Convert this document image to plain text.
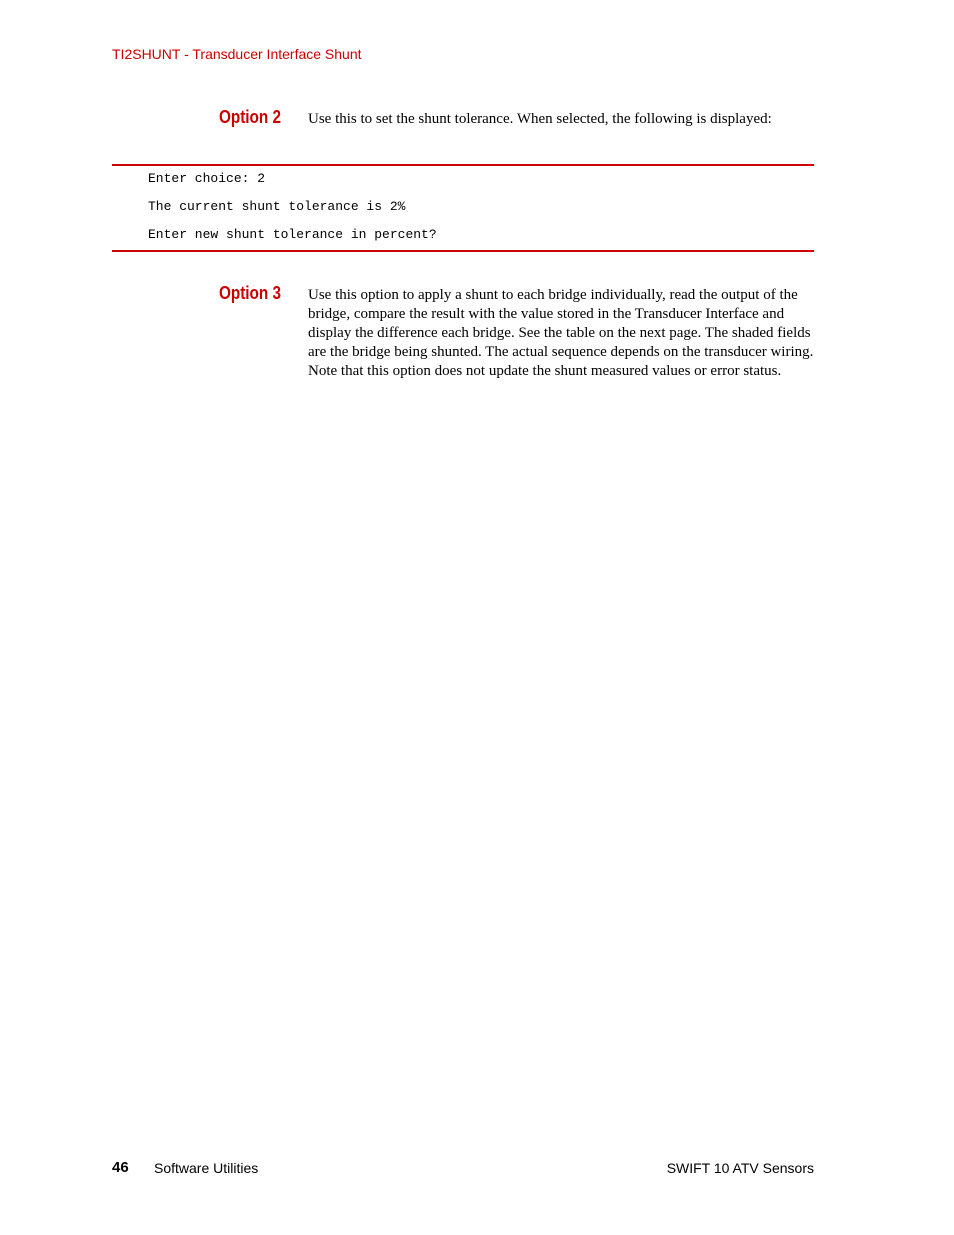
TI2SHUNT - Transducer Interface Shunt
Option 2 Use this to set the shunt tolerance. When selected, the following is displayed:
Enter choice: 2
The current shunt tolerance is 2%
Enter new shunt tolerance in percent?
Option 3 Use this option to apply a shunt to each bridge individually, read the output of the bridge, compare the result with the value stored in the Transducer Interface and display the difference each bridge. See the table on the next page. The shaded fields are the bridge being shunted. The actual sequence depends on the transducer wiring. Note that this option does not update the shunt measured values or error status.
46 Software Utilities	SWIFT 10 ATV Sensors
